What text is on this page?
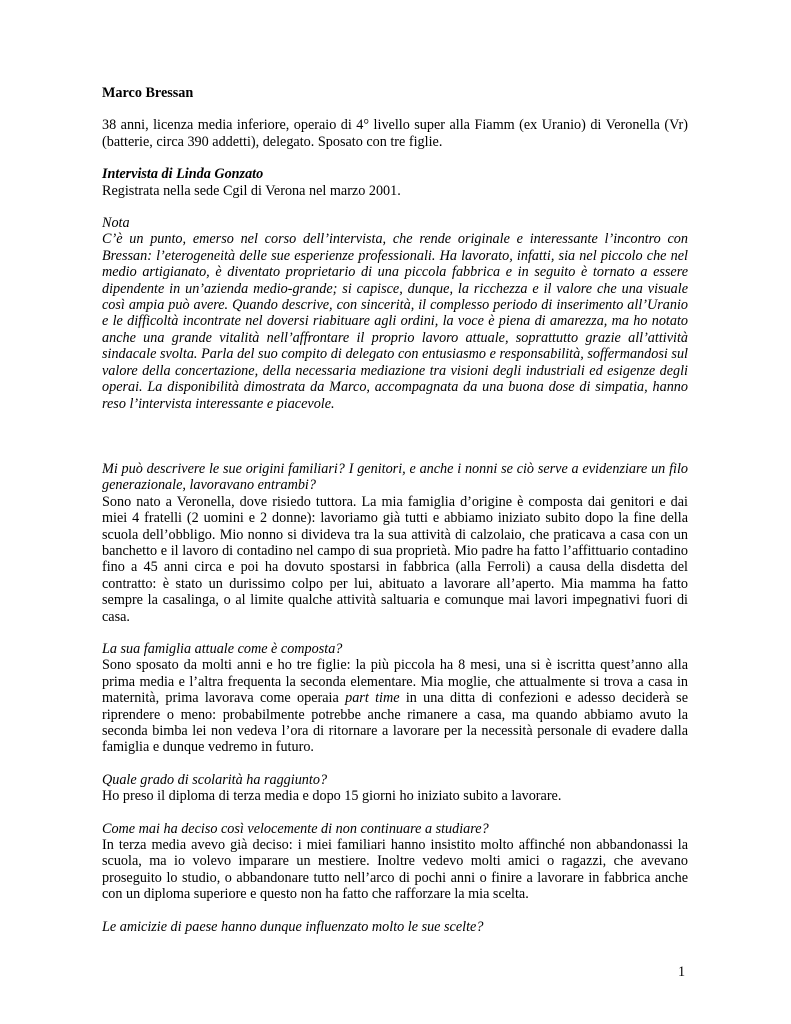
Marco Bressan

38 anni, licenza media inferiore, operaio di 4° livello super alla Fiamm (ex Uranio) di Veronella (Vr) (batterie, circa 390 addetti), delegato. Sposato con tre figlie.

Intervista di Linda Gonzato

Registrata nella sede Cgil di Verona nel marzo 2001.

Nota

C’è un punto, emerso nel corso dell’intervista, che rende originale e interessante l’incontro con Bressan: l’eterogeneità delle sue esperienze professionali. Ha lavorato, infatti, sia nel piccolo che nel medio artigianato, è diventato proprietario di una piccola fabbrica e in seguito è tornato a essere dipendente in un’azienda medio-grande; si capisce, dunque, la ricchezza e il valore che una visuale così ampia può avere. Quando descrive, con sincerità, il complesso periodo di inserimento all’Uranio e le difficoltà incontrate nel doversi riabituare agli ordini, la voce è piena di amarezza, ma ho notato anche una grande vitalità nell’affrontare il proprio lavoro attuale, soprattutto grazie all’attività sindacale svolta. Parla del suo compito di delegato con entusiasmo e responsabilità, soffermandosi sul valore della concertazione, della necessaria mediazione tra visioni degli industriali ed esigenze degli operai. La disponibilità dimostrata da Marco, accompagnata da una buona dose di simpatia, hanno reso l’intervista interessante e piacevole.

Mi può descrivere le sue origini familiari? I genitori, e anche i nonni se ciò serve a evidenziare un filo generazionale, lavoravano entrambi?

Sono nato a Veronella, dove risiedo tuttora. La mia famiglia d’origine è composta dai genitori e dai miei 4 fratelli (2 uomini e 2 donne): lavoriamo già tutti e abbiamo iniziato subito dopo la fine della scuola dell’obbligo. Mio nonno si divideva tra la sua attività di calzolaio, che praticava a casa con un banchetto e il lavoro di contadino nel campo di sua proprietà. Mio padre ha fatto l’affittuario contadino fino a 45 anni circa e poi ha dovuto spostarsi in fabbrica (alla Ferroli) a causa della disdetta del contratto: è stato un durissimo colpo per lui, abituato a lavorare all’aperto. Mia mamma ha fatto sempre la casalinga, o al limite qualche attività saltuaria e comunque mai lavori impegnativi fuori di casa.

La sua famiglia attuale come è composta?

Sono sposato da molti anni e ho tre figlie: la più piccola ha 8 mesi, una si è iscritta quest’anno alla prima media e l’altra frequenta la seconda elementare. Mia moglie, che attualmente si trova a casa in maternità, prima lavorava come operaia part time in una ditta di confezioni e adesso deciderà se riprendere o meno: probabilmente potrebbe anche rimanere a casa, ma quando abbiamo avuto la seconda bimba lei non vedeva l’ora di ritornare a lavorare per la necessità personale di evadere dalla famiglia e dunque vedremo in futuro.

Quale grado di scolarità ha raggiunto?

Ho preso il diploma di terza media e dopo 15 giorni ho iniziato subito a lavorare.

Come mai ha deciso così velocemente di non continuare a studiare?

In terza media avevo già deciso: i miei familiari hanno insistito molto affinché non abbandonassi la scuola, ma io volevo imparare un mestiere. Inoltre vedevo molti amici o ragazzi, che avevano proseguito lo studio, o abbandonare tutto nell’arco di pochi anni o finire a lavorare in fabbrica anche con un diploma superiore e questo non ha fatto che rafforzare la mia scelta.

Le amicizie di paese hanno dunque influenzato molto le sue scelte?

1
